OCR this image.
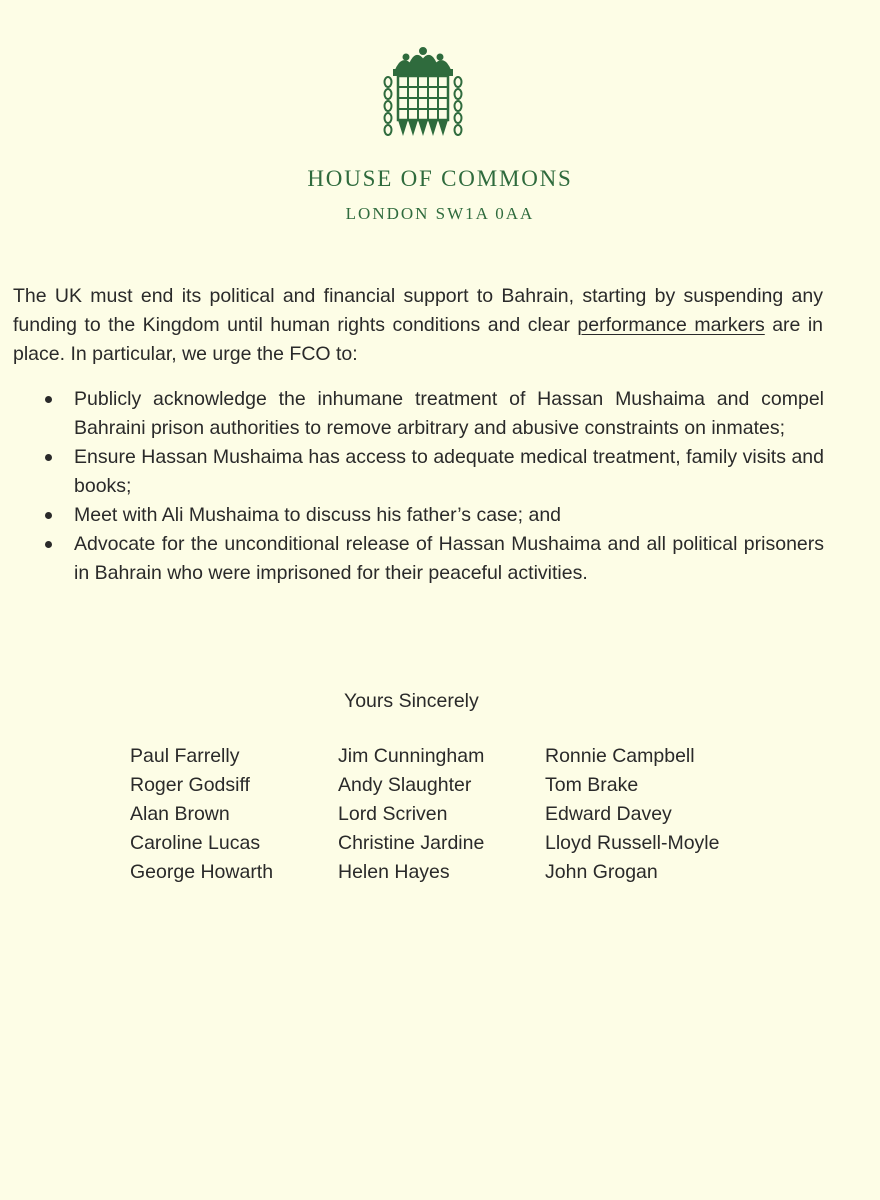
HOUSE OF COMMONS
LONDON SW1A 0AA

The UK must end its political and financial support to Bahrain, starting by suspending any funding to the Kingdom until human rights conditions and clear performance markers are in place. In particular, we urge the FCO to:

Publicly acknowledge the inhumane treatment of Hassan Mushaima and compel Bahraini prison authorities to remove arbitrary and abusive constraints on inmates;
Ensure Hassan Mushaima has access to adequate medical treatment, family visits and books;
Meet with Ali Mushaima to discuss his father’s case; and
Advocate for the unconditional release of Hassan Mushaima and all political prisoners in Bahrain who were imprisoned for their peaceful activities.
Yours Sincerely
Paul Farrelly
Roger Godsiff
Alan Brown
Caroline Lucas
George Howarth
Jim Cunningham
Andy Slaughter
Lord Scriven
Christine Jardine
Helen Hayes
Ronnie Campbell
Tom Brake
Edward Davey
Lloyd Russell-Moyle
John Grogan
